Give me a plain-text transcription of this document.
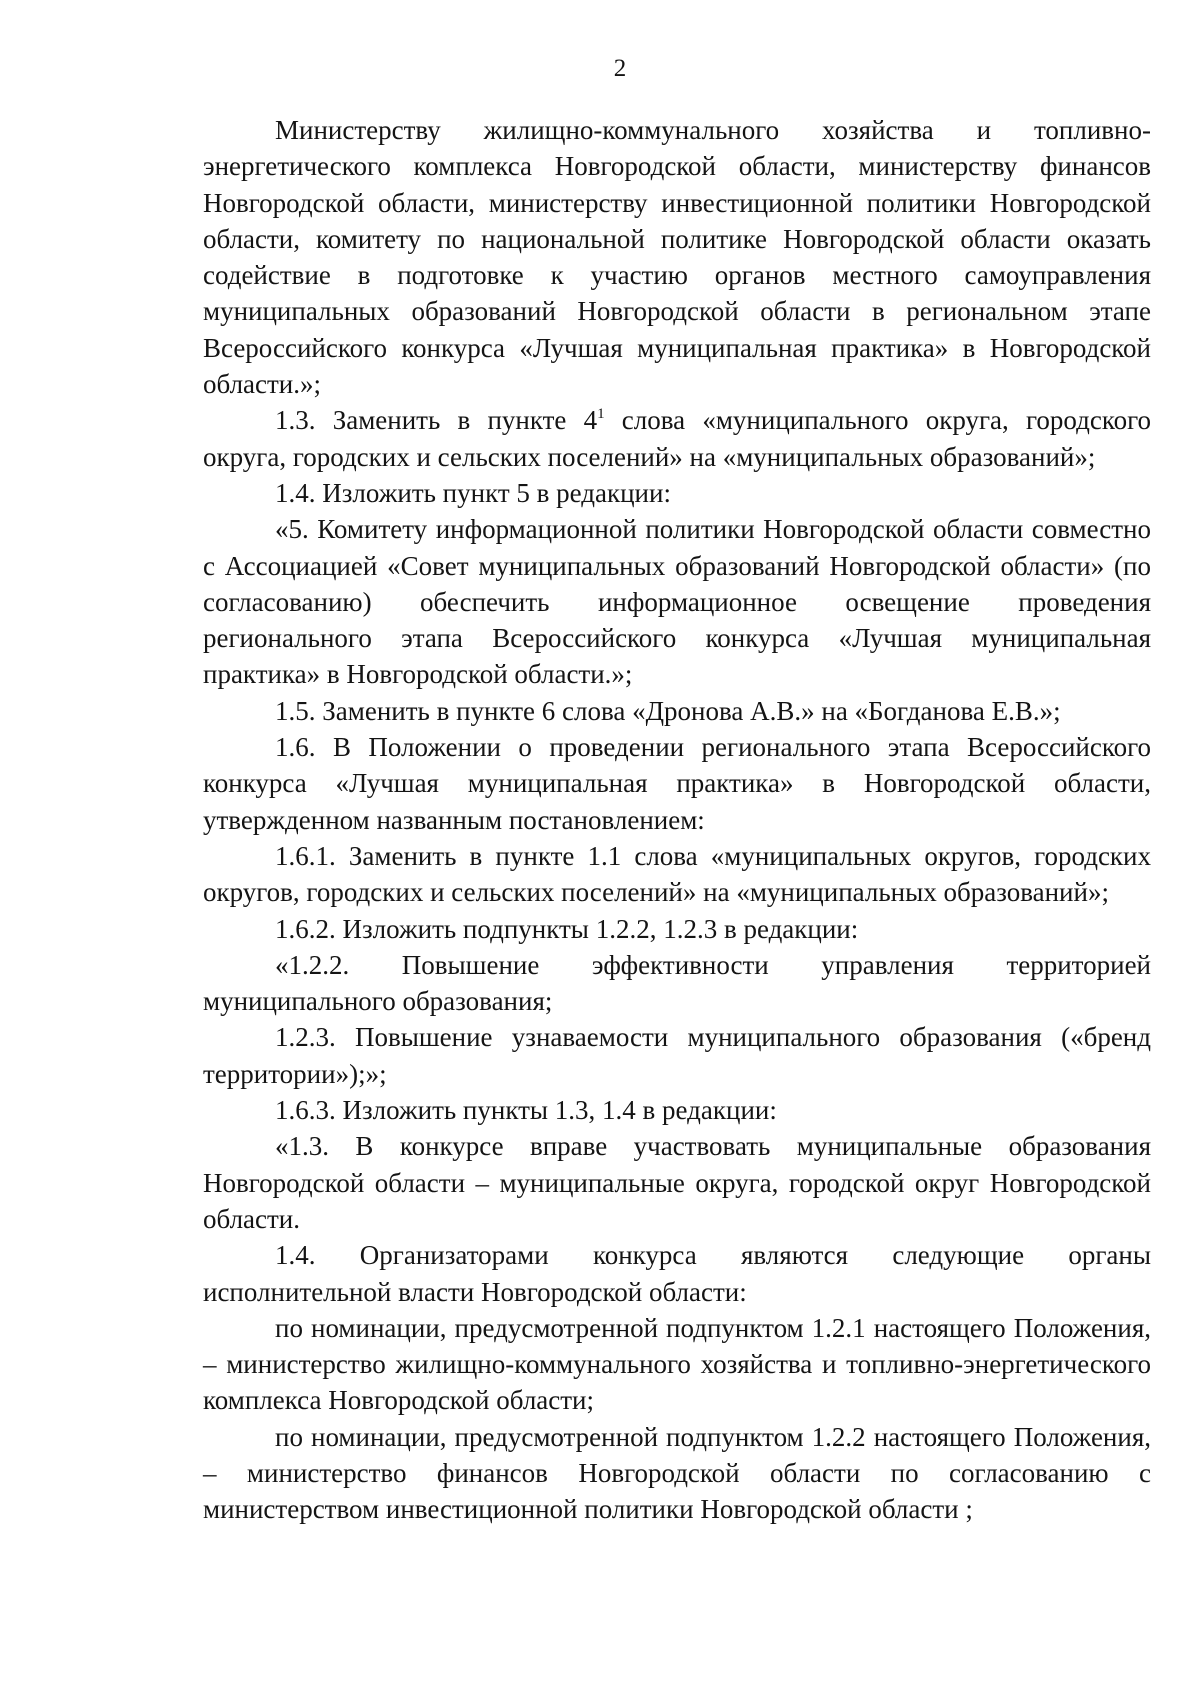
2

Министерству жилищно-коммунального хозяйства и топливно-энергетического комплекса Новгородской области, министерству финансов Новгородской области, министерству инвестиционной политики Новгородской области, комитету по национальной политике Новгородской области оказать содействие в подготовке к участию органов местного самоуправления муниципальных образований Новгородской области в региональном этапе Всероссийского конкурса «Лучшая муниципальная практика» в Новгородской области.»;

1.3. Заменить в пункте $4^1$ слова «муниципального округа, городского округа, городских и сельских поселений» на «муниципальных образований»;

1.4. Изложить пункт 5 в редакции:

«5. Комитету информационной политики Новгородской области совместно с Ассоциацией «Совет муниципальных образований Новгородской области» (по согласованию) обеспечить информационное освещение проведения регионального этапа Всероссийского конкурса «Лучшая муниципальная практика» в Новгородской области.»;

1.5. Заменить в пункте 6 слова «Дронова А.В.» на «Богданова Е.В.»;

1.6. В Положении о проведении регионального этапа Всероссийского конкурса «Лучшая муниципальная практика» в Новгородской области, утвержденном названным постановлением:

1.6.1. Заменить в пункте 1.1 слова «муниципальных округов, городских округов, городских и сельских поселений» на «муниципальных образований»;

1.6.2. Изложить подпункты 1.2.2, 1.2.3 в редакции:

«1.2.2. Повышение эффективности управления территорией муниципального образования;

1.2.3. Повышение узнаваемости муниципального образования («бренд территории»);»;

1.6.3. Изложить пункты 1.3, 1.4 в редакции:

«1.3. В конкурсе вправе участвовать муниципальные образования Новгородской области – муниципальные округа, городской округ Новгородской области.

1.4. Организаторами конкурса являются следующие органы исполнительной власти Новгородской области:

по номинации, предусмотренной подпунктом 1.2.1 настоящего Положения, – министерство жилищно-коммунального хозяйства и топливно-энергетического комплекса Новгородской области;

по номинации, предусмотренной подпунктом 1.2.2 настоящего Положения, – министерство финансов Новгородской области по согласованию с министерством инвестиционной политики Новгородской области ;
